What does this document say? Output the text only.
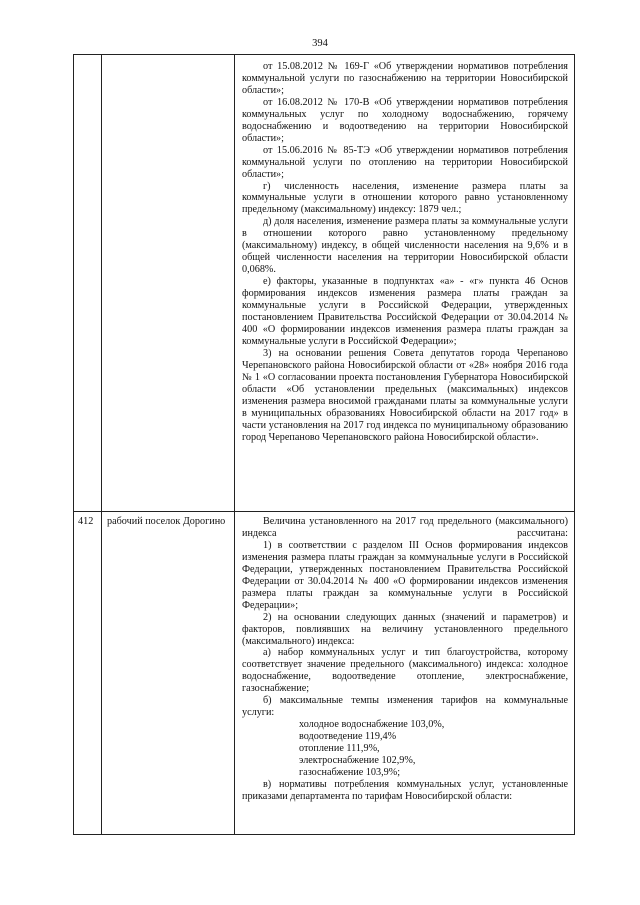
394

от 15.08.2012 № 169-Г «Об утверждении нормативов потребления коммунальной услуги по газоснабжению на территории Новосибирской области»;

от 16.08.2012 № 170-В «Об утверждении нормативов потребления коммунальных услуг по холодному водоснабжению, горячему водоснабжению и водоотведению на территории Новосибирской области»;

от 15.06.2016 № 85-ТЭ «Об утверждении нормативов потребления коммунальной услуги по отоплению на территории Новосибирской области»;

г) численность населения, изменение размера платы за коммунальные услуги в отношении которого равно установленному предельному (максимальному) индексу: 1879 чел.;

д) доля населения, изменение размера платы за коммунальные услуги в отношении которого равно установленному предельному (максимальному) индексу, в общей численности населения на 9,6% и в общей численности населения на территории Новосибирской области 0,068%.

е) факторы, указанные в подпунктах «а» - «г» пункта 46 Основ формирования индексов изменения размера платы граждан за коммунальные услуги в Российской Федерации, утвержденных постановлением Правительства Российской Федерации от 30.04.2014 № 400 «О формировании индексов изменения размера платы граждан за коммунальные услуги в Российской Федерации»;

3) на основании решения Совета депутатов города Черепаново Черепановского района Новосибирской области от «28» ноября 2016 года № 1 «О согласовании проекта постановления Губернатора Новосибирской области «Об установлении предельных (максимальных) индексов изменения размера вносимой гражданами платы за коммунальные услуги в муниципальных образованиях Новосибирской области на 2017 год» в части установления на 2017 год индекса по муниципальному образованию город Черепаново Черепановского района Новосибирской области».

412 рабочий поселок Дорогино	Величина установленного на 2017 год предельного (максимального) индекса рассчитана:

1) в соответствии с разделом III Основ формирования индексов изменения размера платы граждан за коммунальные услуги в Российской Федерации, утвержденных постановлением Правительства Российской Федерации от 30.04.2014 № 400 «О формировании индексов изменения размера платы граждан за коммунальные услуги в Российской Федерации»;

2) на основании следующих данных (значений и параметров) и факторов, повлиявших на величину установленного предельного (максимального) индекса:

а) набор коммунальных услуг и тип благоустройства, которому соответствует значение предельного (максимального) индекса: холодное водоснабжение, водоотведение отопление, электроснабжение, газоснабжение;

б) максимальные темпы изменения тарифов на коммунальные услуги:

холодное водоснабжение 103,0%,

водоотведение 119,4%

отопление 111,9%,

электроснабжение 102,9%,

газоснабжение 103,9%;

в) нормативы потребления коммунальных услуг, установленные приказами департамента по тарифам Новосибирской области:
